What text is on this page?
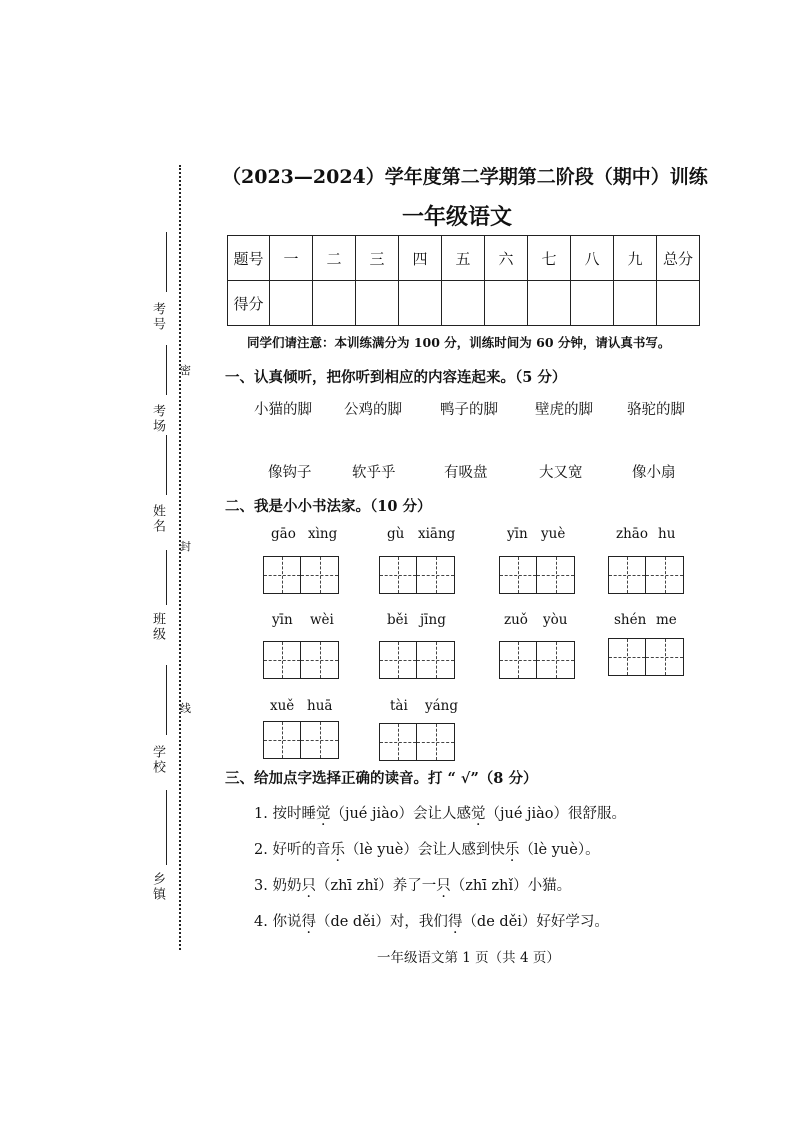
考号
考场
姓名
班级
学校
乡镇
密
封
线
（2023—2024）学年度第二学期第二阶段（期中）训练
一年级语文
题号	一	二	三	四	五	六	七	八	九	总分
得分										
同学们请注意：本训练满分为 100 分，训练时间为 60 分钟，请认真书写。
一、认真倾听，把你听到相应的内容连起来。（5 分）
小猫的脚 公鸡的脚	鸭子的脚	壁虎的脚 骆驼的脚
像钩子	软乎乎	有吸盘	大又宽	像小扇
二、我是小小书法家。（10 分）
gāo xìng	gù xiāng	yīn yuè	zhāo hu
yīn wèi	běi jīng	zuǒ yòu	shén me
xuě huā	tài yáng
三、给加点字选择正确的读音。打 “ √”（8 分）
1. 按时睡觉（jué jiào）会让人感觉（jué jiào）很舒服。
2. 好听的音乐（lè yuè）会让人感到快乐（lè yuè）。
3. 奶奶只（zhī zhǐ）养了一只（zhī zhǐ）小猫。
4. 你说得（de děi）对，我们得（de děi）好好学习。
一年级语文第 1 页（共 4 页）
